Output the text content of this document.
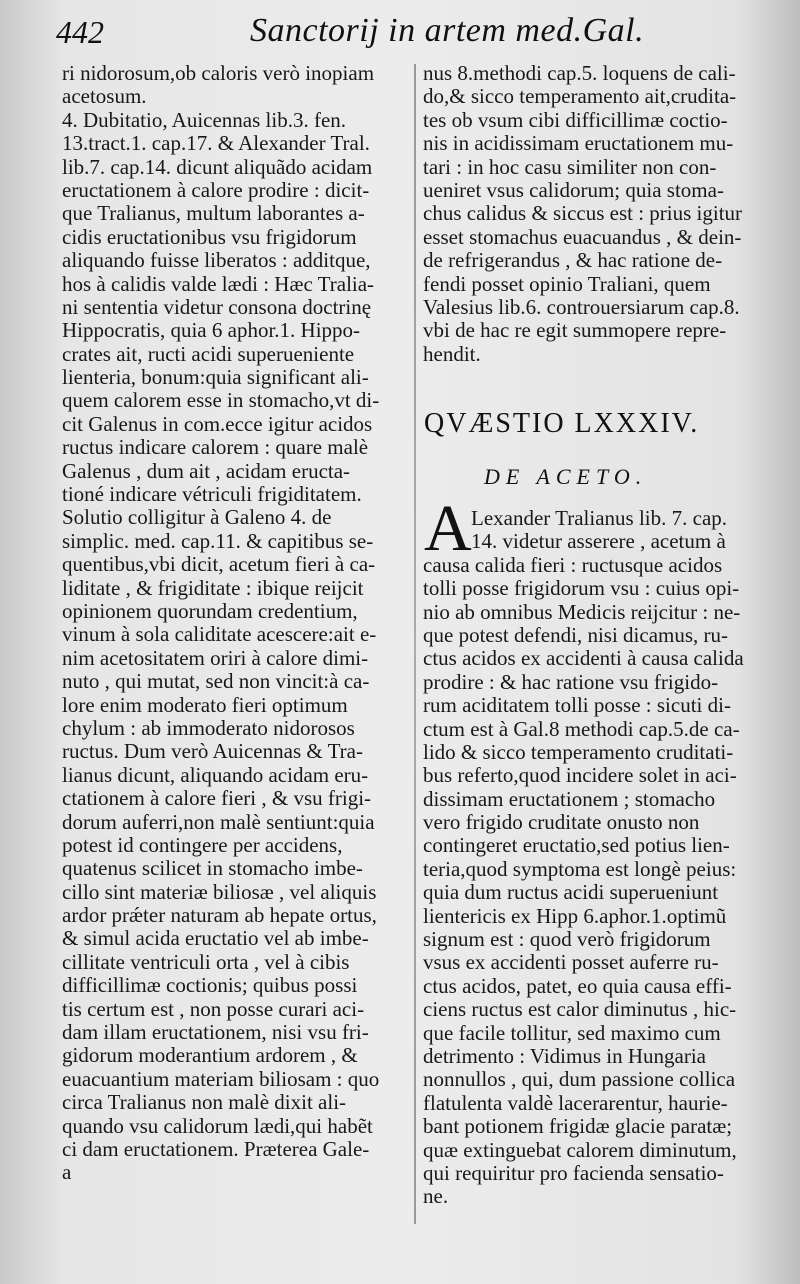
442	Sanctorij in artem med.Gal.
ri nidorosum,ob caloris verò inopiam
acetosum.
4. Dubitatio, Auicennas lib.3. fen.
13.tract.1. cap.17. & Alexander Tral.
lib.7. cap.14. dicunt aliquãdo acidam
eructationem à calore prodire : dicit-
que Tralianus, multum laborantes a-
cidis eructationibus vsu frigidorum
aliquando fuisse liberatos : additque,
hos à calidis valde lædi : Hæc Tralia-
ni sententia videtur consona doctrinę
Hippocratis, quia 6 aphor.1. Hippo-
crates ait, ructi acidi superueniente
lienteria, bonum:quia significant ali-
quem calorem esse in stomacho,vt di-
cit Galenus in com.ecce igitur acidos
ructus indicare calorem : quare malè
Galenus , dum ait , acidam eructa-
tioné indicare vétriculi frigiditatem.
Solutio colligitur à Galeno 4. de
simplic. med. cap.11. & capitibus se-
quentibus,vbi dicit, acetum fieri à ca-
liditate , & frigiditate : ibique reijcit
opinionem quorundam credentium,
vinum à sola caliditate acescere:ait e-
nim acetositatem oriri à calore dimi-
nuto , qui mutat, sed non vincit:à ca-
lore enim moderato fieri optimum
chylum : ab immoderato nidorosos
ructus. Dum verò Auicennas & Tra-
lianus dicunt, aliquando acidam eru-
ctationem à calore fieri , & vsu frigi-
dorum auferri,non malè sentiunt:quia
potest id contingere per accidens,
quatenus scilicet in stomacho imbe-
cillo sint materiæ biliosæ , vel aliquis
ardor prǽter naturam ab hepate ortus,
& simul acida eructatio vel ab imbe-
cillitate ventriculi orta , vel à cibis
difficillimæ coctionis; quibus possi
tis certum est , non posse curari aci-
dam illam eructationem, nisi vsu fri-
gidorum moderantium ardorem , &
euacuantium materiam biliosam : quo
circa Tralianus non malè dixit ali-
quando vsu calidorum lædi,qui habẽt
ci dam eructationem. Præterea Gale-
a
nus 8.methodi cap.5. loquens de cali-
do,& sicco temperamento ait,crudita-
tes ob vsum cibi difficillimæ coctio-
nis in acidissimam eructationem mu-
tari : in hoc casu similiter non con-
ueniret vsus calidorum; quia stoma-
chus calidus & siccus est : prius igitur
esset stomachus euacuandus , & dein-
de refrigerandus , & hac ratione de-
fendi posset opinio Traliani, quem
Valesius lib.6. controuersiarum cap.8.
vbi de hac re egit summopere repre-
hendit.
QVÆSTIO LXXXIV.
DE ACETO.
A Lexander Tralianus lib. 7. cap.
14. videtur asserere , acetum à
causa calida fieri : ructusque acidos
tolli posse frigidorum vsu : cuius opi-
nio ab omnibus Medicis reijcitur : ne-
que potest defendi, nisi dicamus, ru-
ctus acidos ex accidenti à causa calida
prodire : & hac ratione vsu frigido-
rum aciditatem tolli posse : sicuti di-
ctum est à Gal.8 methodi cap.5.de ca-
lido & sicco temperamento cruditati-
bus referto,quod incidere solet in aci-
dissimam eructationem ; stomacho
vero frigido cruditate onusto non
contingeret eructatio,sed potius lien-
teria,quod symptoma est longè peius:
quia dum ructus acidi superueniunt
lientericis ex Hipp 6.aphor.1.optimũ
signum est : quod verò frigidorum
vsus ex accidenti posset auferre ru-
ctus acidos, patet, eo quia causa effi-
ciens ructus est calor diminutus , hic-
que facile tollitur, sed maximo cum
detrimento : Vidimus in Hungaria
nonnullos , qui, dum passione collica
flatulenta valdè lacerarentur, haurie-
bant potionem frigidæ glacie paratæ;
quæ extinguebat calorem diminutum,
qui requiritur pro facienda sensatio-
ne.
